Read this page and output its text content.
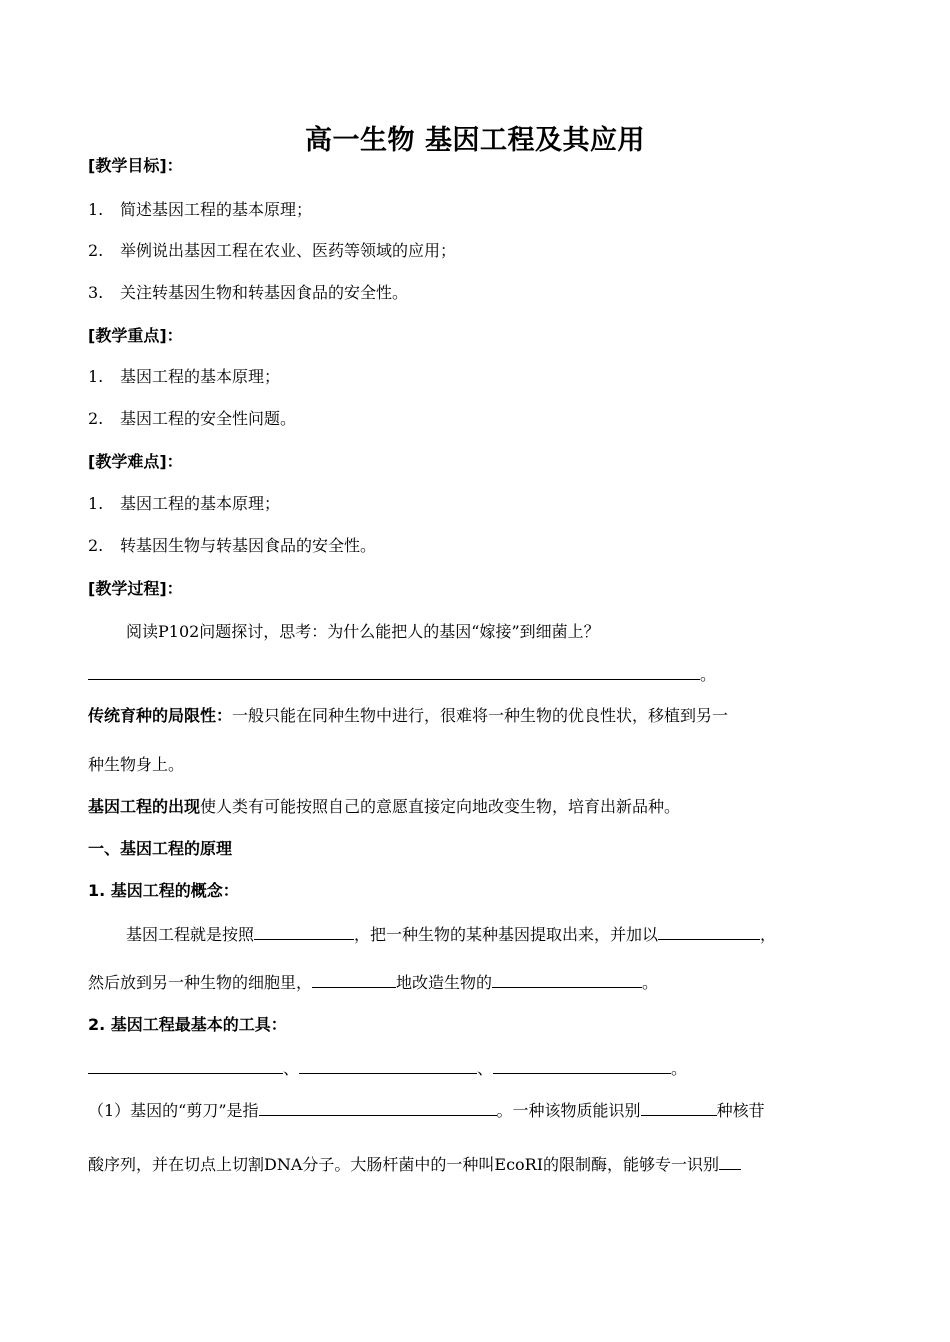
高一生物 基因工程及其应用
[教学目标]：
1. 简述基因工程的基本原理；
2. 举例说出基因工程在农业、医药等领域的应用；
3. 关注转基因生物和转基因食品的安全性。
[教学重点]：
1. 基因工程的基本原理；
2. 基因工程的安全性问题。
[教学难点]：
1. 基因工程的基本原理；
2. 转基因生物与转基因食品的安全性。
[教学过程]：
阅读P102问题探讨，思考：为什么能把人的基因“嫁接”到细菌上？
。
传统育种的局限性：一般只能在同种生物中进行，很难将一种生物的优良性状，移植到另一
种生物身上。
基因工程的出现使人类有可能按照自己的意愿直接定向地改变生物，培育出新品种。
一、基因工程的原理
1. 基因工程的概念：
基因工程就是按照	，把一种生物的某种基因提取出来，并加以	，
然后放到另一种生物的细胞里，	地改造生物的	。
2. 基因工程最基本的工具：
、	、	。
（1）基因的“剪刀”是指	。一种该物质能识别	种核苷
酸序列，并在切点上切割DNA分子。大肠杆菌中的一种叫EcoRI的限制酶，能够专一识别
